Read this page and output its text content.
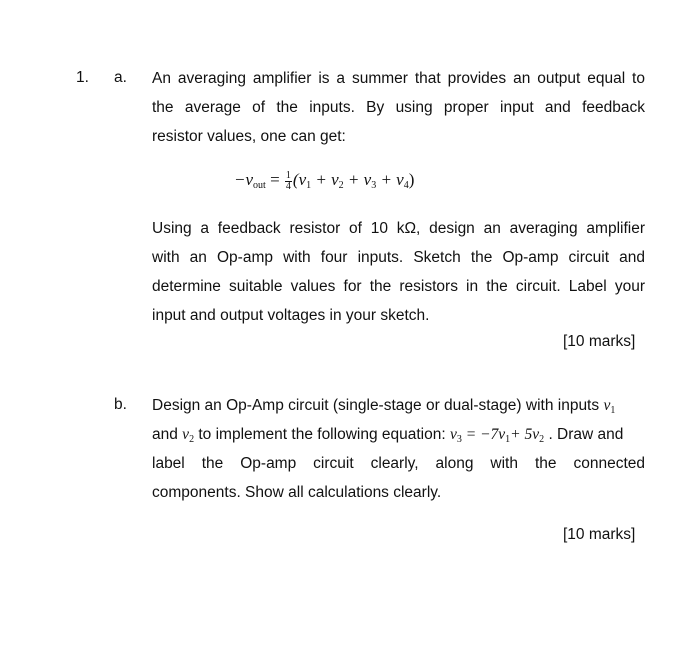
1. a. An averaging amplifier is a summer that provides an output equal to
the average of the inputs. By using proper input and feedback
resistor values, one can get:
$-v_{out} = \frac{1}{4} (v_1 + v_2 + v_3 + v_4)$
Using a feedback resistor of 10 kΩ, design an averaging amplifier
with an Op-amp with four inputs. Sketch the Op-amp circuit and
determine suitable values for the resistors in the circuit. Label your
input and output voltages in your sketch.
[10 marks]
b. Design an Op-Amp circuit (single-stage or dual-stage) with inputs $v_1$
and $v_2$ to implement the following equation: $v_3 = -7v_1+ 5v_2$ . Draw and
label the Op-amp circuit clearly, along with the connected
components. Show all calculations clearly.
[10 marks]
